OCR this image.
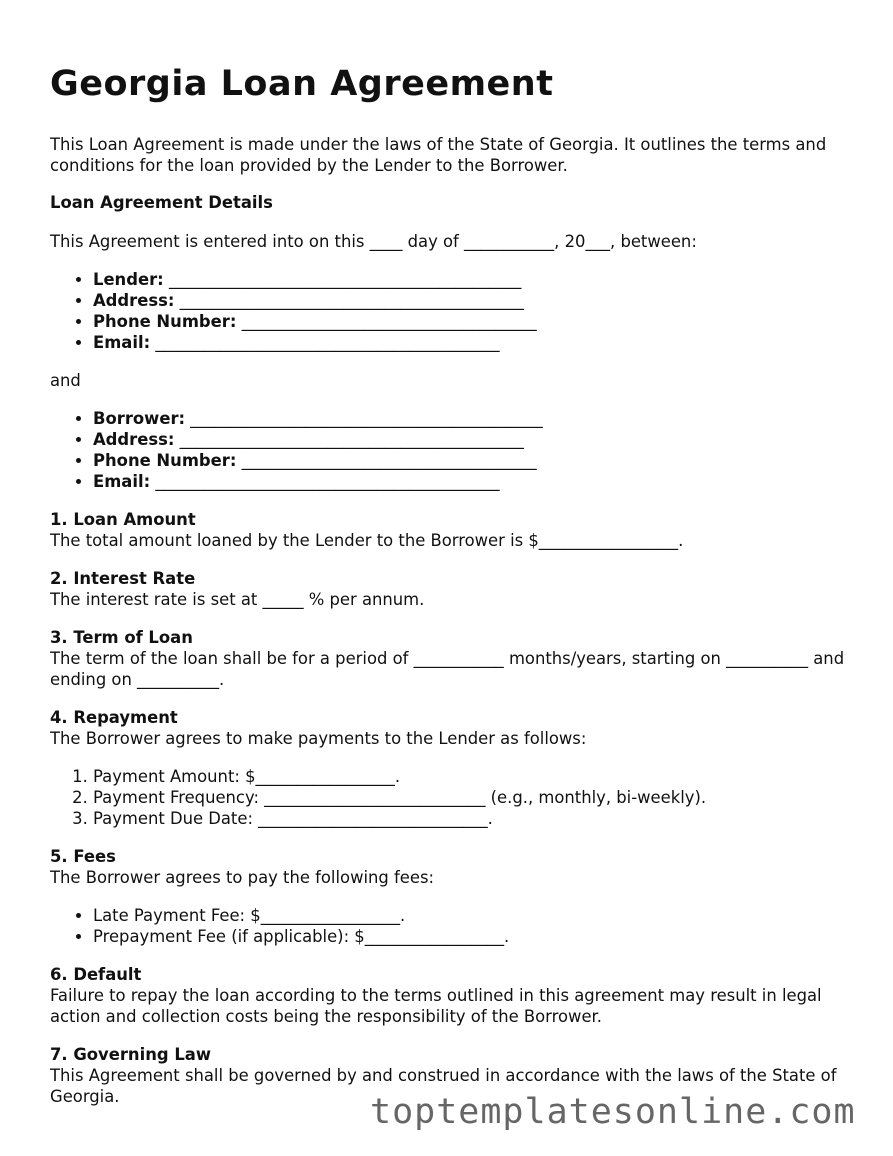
Georgia Loan Agreement

This Loan Agreement is made under the laws of the State of Georgia. It outlines the terms and conditions for the loan provided by the Lender to the Borrower.

Loan Agreement Details

This Agreement is entered into on this ____ day of ___________, 20___, between:

• Lender: ___________________________________________
• Address: __________________________________________
• Phone Number: ____________________________________
• Email: __________________________________________

and

• Borrower: ___________________________________________
• Address: __________________________________________
• Phone Number: ____________________________________
• Email: __________________________________________
1. Loan Amount

The total amount loaned by the Lender to the Borrower is $_________________.

2. Interest Rate

The interest rate is set at _____ % per annum.

3. Term of Loan

The term of the loan shall be for a period of ___________ months/years, starting on __________ and ending on __________.

4. Repayment

The Borrower agrees to make payments to the Lender as follows:

1. Payment Amount: $_________________.
2. Payment Frequency: ___________________________ (e.g., monthly, bi-weekly).
3. Payment Due Date: ____________________________.
5. Fees

The Borrower agrees to pay the following fees:

• Late Payment Fee: $_________________.
• Prepayment Fee (if applicable): $_________________.
6. Default

Failure to repay the loan according to the terms outlined in this agreement may result in legal action and collection costs being the responsibility of the Borrower.

7. Governing Law

This Agreement shall be governed by and construed in accordance with the laws of the State of Georgia.	toptemplatesonline.com
